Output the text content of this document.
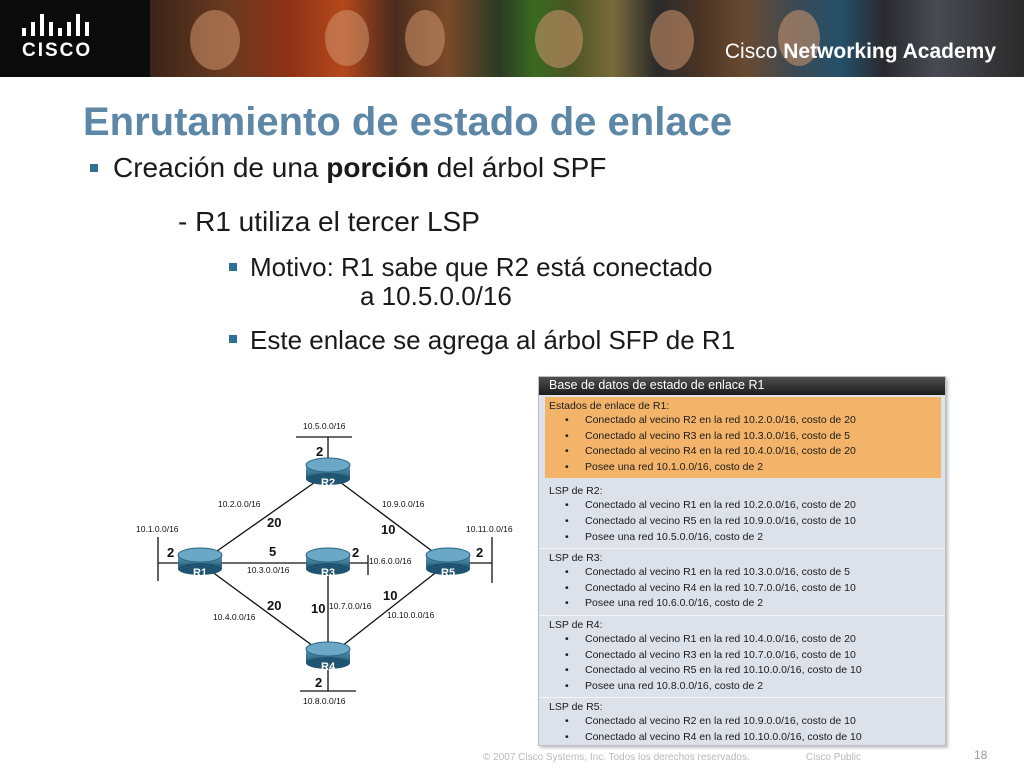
CISCO	Cisco Networking Academy
Enrutamiento de estado de enlace
Creación de una porción del árbol SPF
- R1 utiliza el tercer LSP
Motivo: R1 sabe que R2 está conectado
a 10.5.0.0/16
Este enlace se agrega al árbol SFP de R1
R2
R1	R3	R5
R4
10.5.0.0/16
10.2.0.0/16	10.9.0.0/16
10.1.0.0/16	10.11.0.0/16
10.3.0.0/16
10.6.0.0/16
10.7.0.0/16
10.4.0.0/16	10.10.0.0/16
10.8.0.0/16
2
20	10
2	5	2	2
20 10
10
2
Base de datos de estado de enlace R1
Estados de enlace de R1:
• Conectado al vecino R2 en la red 10.2.0.0/16, costo de 20
• Conectado al vecino R3 en la red 10.3.0.0/16, costo de 5
• Conectado al vecino R4 en la red 10.4.0.0/16, costo de 20
• Posee una red 10.1.0.0/16, costo de 2
LSP de R2:
• Conectado al vecino R1 en la red 10.2.0.0/16, costo de 20
• Conectado al vecino R5 en la red 10.9.0.0/16, costo de 10
• Posee una red 10.5.0.0/16, costo de 2
LSP de R3:
• Conectado al vecino R1 en la red 10.3.0.0/16, costo de 5
• Conectado al vecino R4 en la red 10.7.0.0/16, costo de 10
• Posee una red 10.6.0.0/16, costo de 2
LSP de R4:
• Conectado al vecino R1 en la red 10.4.0.0/16, costo de 20
• Conectado al vecino R3 en la red 10.7.0.0/16, costo de 10
• Conectado al vecino R5 en la red 10.10.0.0/16, costo de 10
• Posee una red 10.8.0.0/16, costo de 2
LSP de R5:
• Conectado al vecino R2 en la red 10.9.0.0/16, costo de 10
• Conectado al vecino R4 en la red 10.10.0.0/16, costo de 10
•
© 2007 Cisco Systems, Inc. Todos los derechos reservados.	Cisco Public	18
